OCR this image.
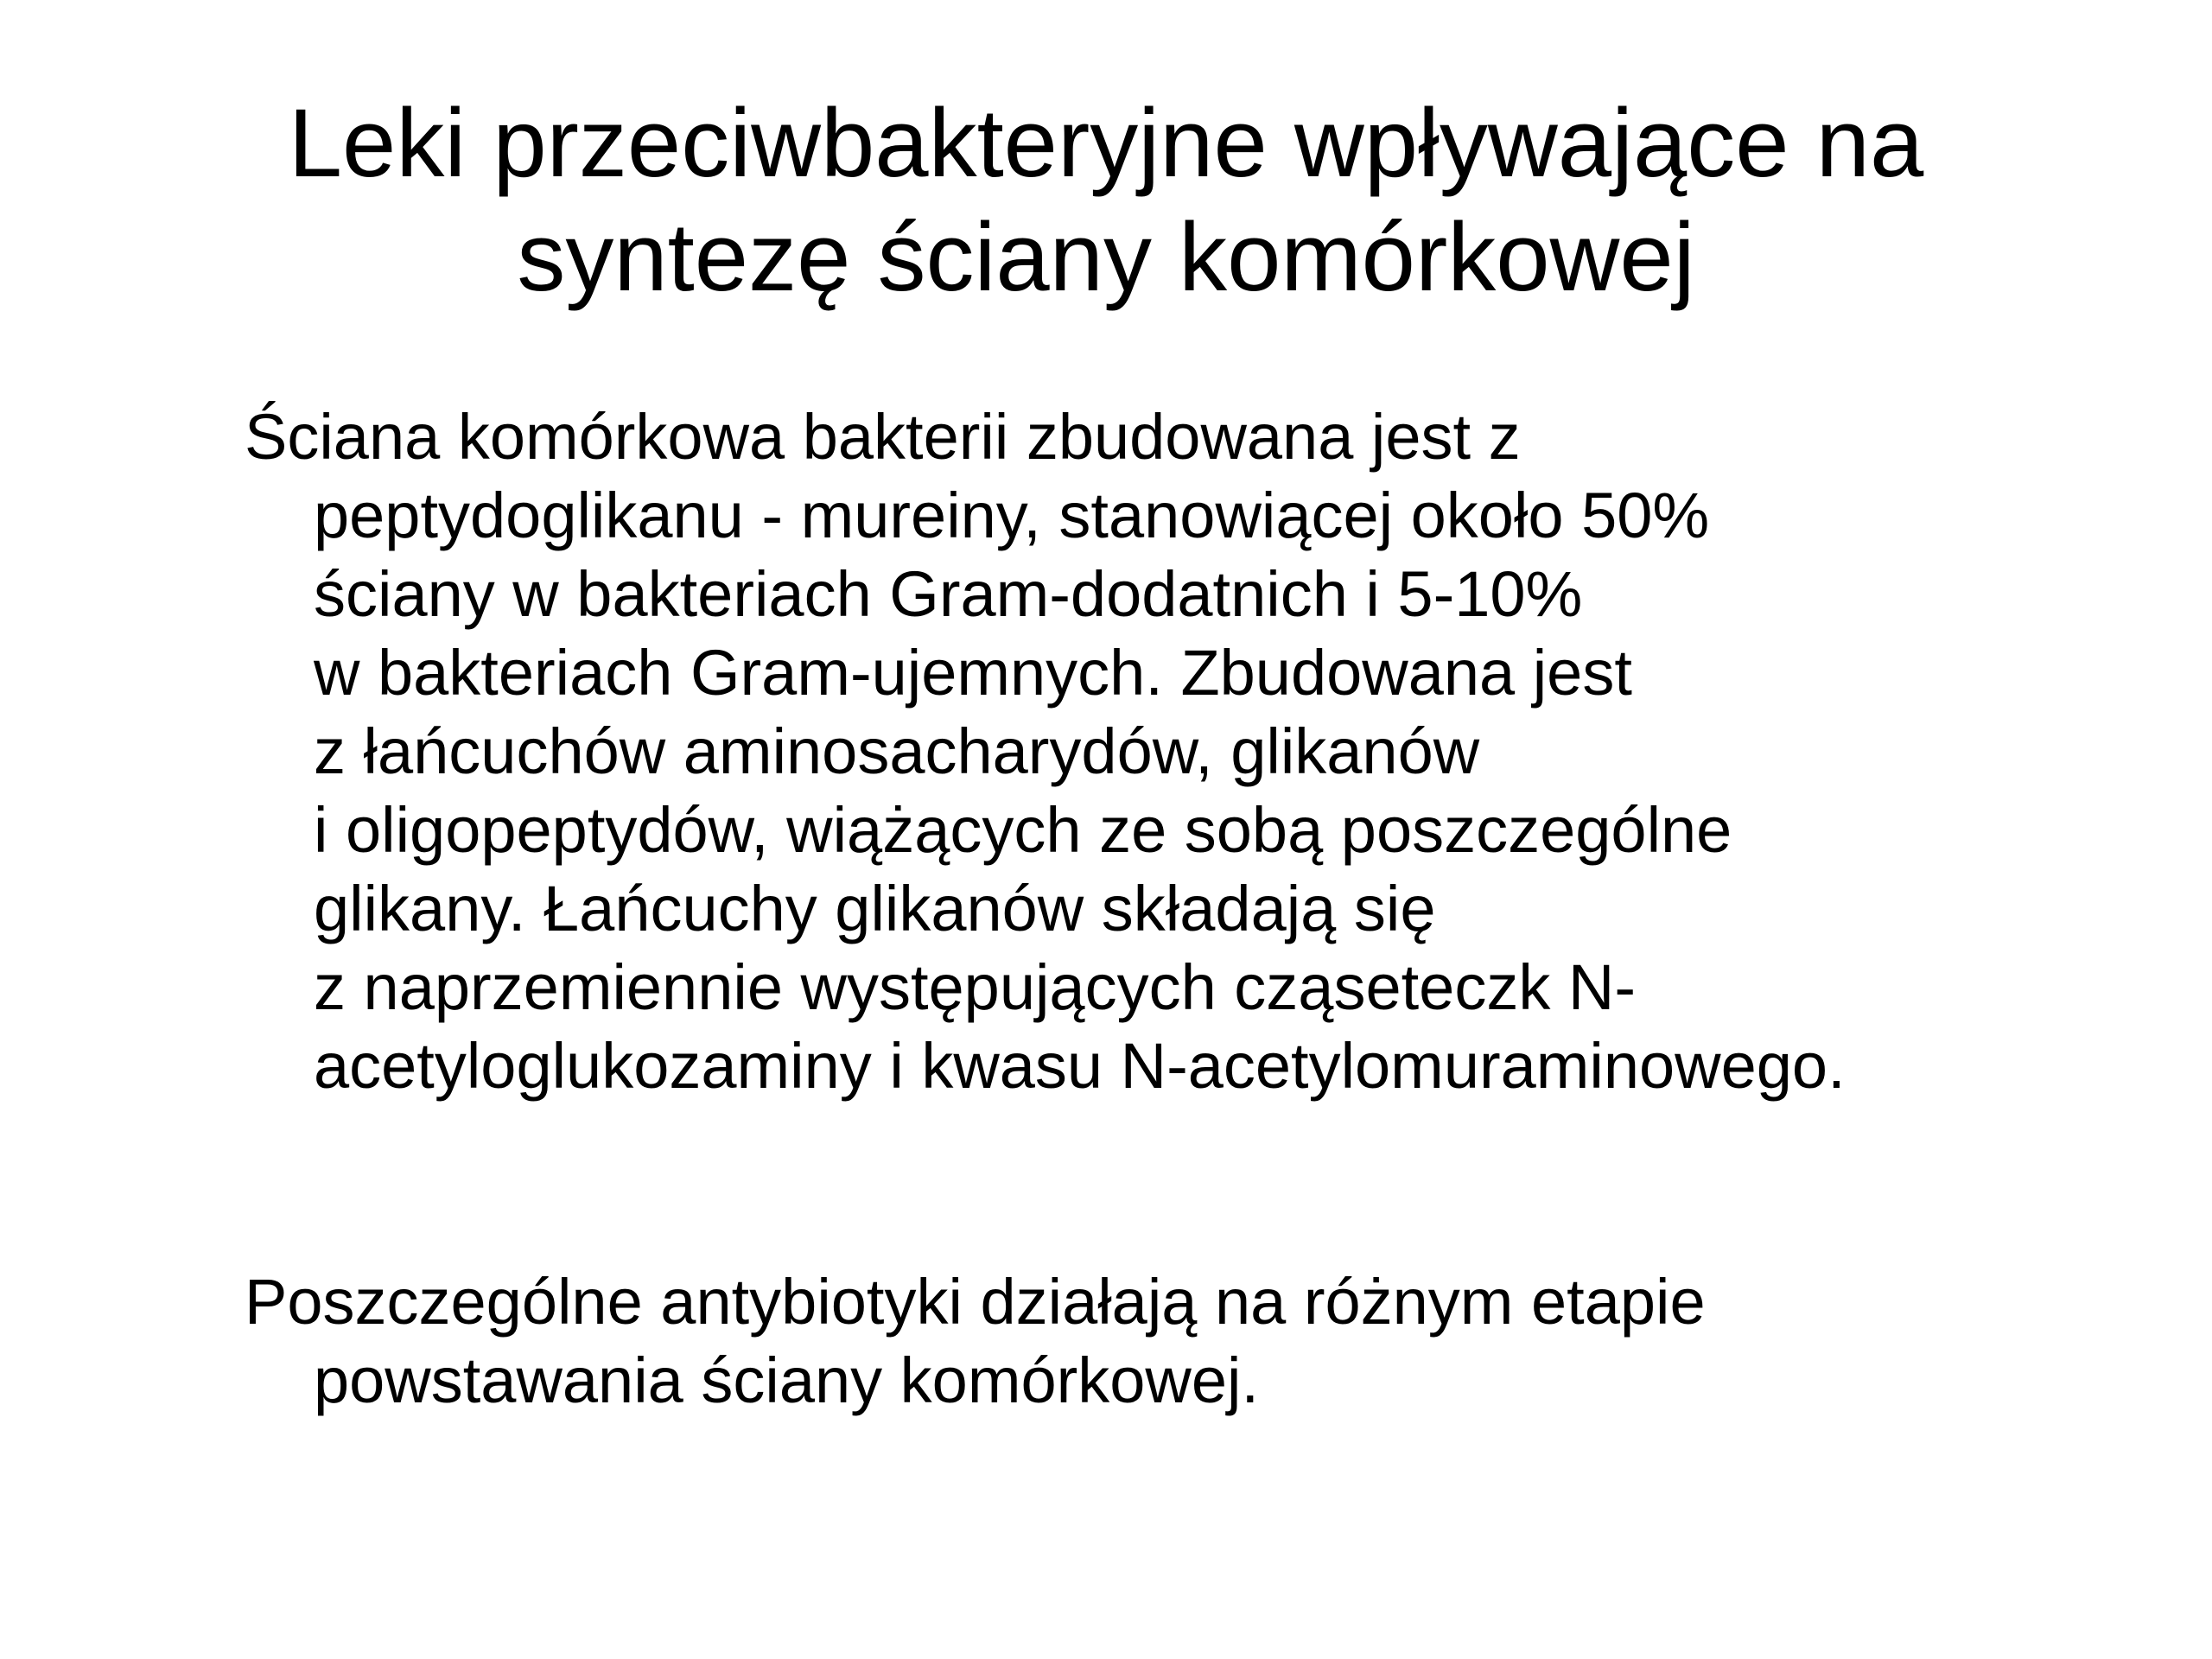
Leki przeciwbakteryjne wpływające na
syntezę ściany komórkowej

Ściana komórkowa bakterii zbudowana jest z
peptydoglikanu - mureiny, stanowiącej około 50%
ściany w bakteriach Gram-dodatnich i 5-10%
w bakteriach Gram-ujemnych. Zbudowana jest
z łańcuchów aminosacharydów, glikanów
i oligopeptydów, wiążących ze sobą poszczególne
glikany. Łańcuchy glikanów składają się
z naprzemiennie występujących cząseteczk N-
acetyloglukozaminy i kwasu N-acetylomuraminowego.

Poszczególne antybiotyki działają na różnym etapie
powstawania ściany komórkowej.
